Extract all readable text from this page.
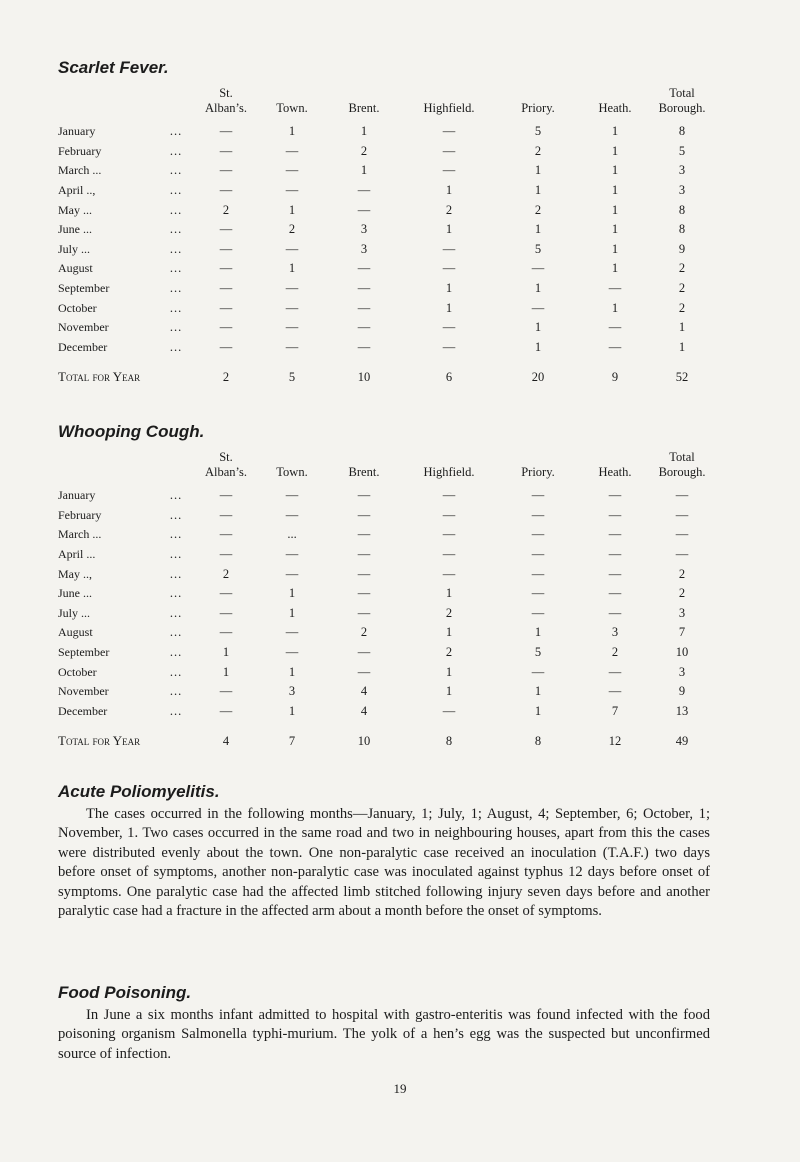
Scarlet Fever.
		St.
Alban’s.	Town.	Brent.	Highfield.	Priory.	Heath.	Total
Borough.
January	...	—	1	1	—	5	1	8
February	...	—	—	2	—	2	1	5
March ...	...	—	—	1	—	1	1	3
April ..,	...	—	—	—	1	1	1	3
May ...	...	2	1	—	2	2	1	8
June ...	...	—	2	3	1	1	1	8
July ...	...	—	—	3	—	5	1	9
August	...	—	1	—	—	—	1	2
September	...	—	—	—	1	1	—	2
October	...	—	—	—	1	—	1	2
November	...	—	—	—	—	1	—	1
December	...	—	—	—	—	1	—	1
Total for Year		2	5	10	6	20	9	52
Whooping Cough.
		St.
Alban’s.	Town.	Brent.	Highfield.	Priory.	Heath.	Total
Borough.
January	...	—	—	—	—	—	—	—
February	...	—	—	—	—	—	—	—
March ...	...	—	...	—	—	—	—	—
April ...	...	—	—	—	—	—	—	—
May ..,	...	2	—	—	—	—	—	2
June ...	...	—	1	—	1	—	—	2
July ...	...	—	1	—	2	—	—	3
August	...	—	—	2	1	1	3	7
September	...	1	—	—	2	5	2	10
October	...	1	1	—	1	—	—	3
November	...	—	3	4	1	1	—	9
December	...	—	1	4	—	1	7	13
Total for Year		4	7	10	8	8	12	49
Acute Poliomyelitis.

The cases occurred in the following months—January, 1; July, 1; August, 4; September, 6; October, 1; November, 1. Two cases occurred in the same road and two in neighbouring houses, apart from this the cases were distributed evenly about the town. One non-paralytic case received an inoculation (T.A.F.) two days before onset of symptoms, another non-paralytic case was inoculated against typhus 12 days before onset of symptoms. One paralytic case had the affected limb stitched following injury seven days before and another paralytic case had a fracture in the affected arm about a month before the onset of symptoms.

Food Poisoning.

In June a six months infant admitted to hospital with gastro-enteritis was found infected with the food poisoning organism Salmonella typhi-murium. The yolk of a hen’s egg was the suspected but unconfirmed source of infection.

19
